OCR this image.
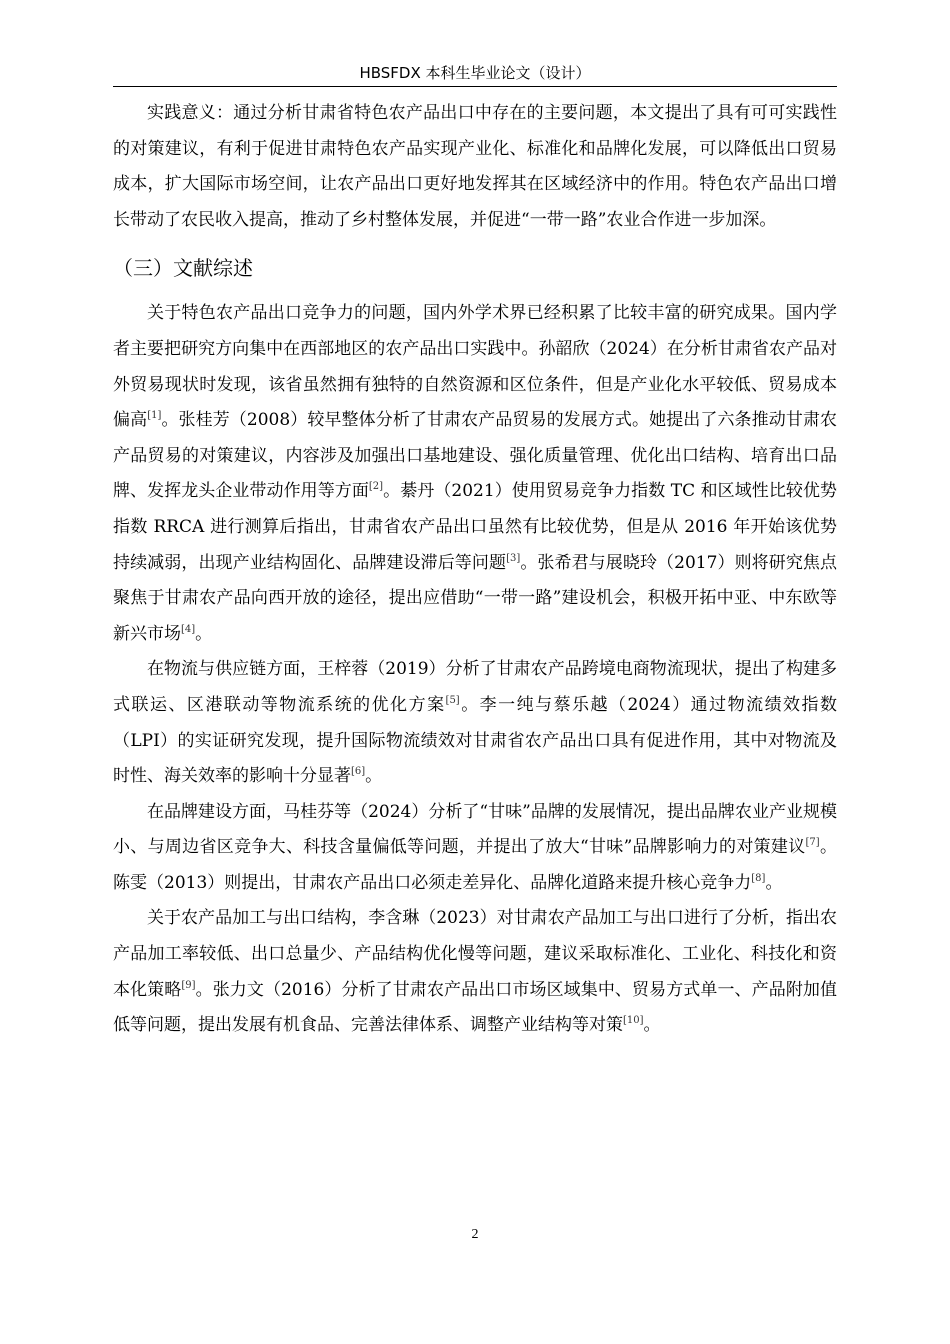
HBSFDX 本科生毕业论文（设计）

实践意义：通过分析甘肃省特色农产品出口中存在的主要问题，本文提出了具有可可实践性的对策建议，有利于促进甘肃特色农产品实现产业化、标准化和品牌化发展，可以降低出口贸易成本，扩大国际市场空间，让农产品出口更好地发挥其在区域经济中的作用。特色农产品出口增长带动了农民收入提高，推动了乡村整体发展，并促进“一带一路”农业合作进一步加深。

（三）文献综述

关于特色农产品出口竞争力的问题，国内外学术界已经积累了比较丰富的研究成果。国内学者主要把研究方向集中在西部地区的农产品出口实践中。孙韶欣（2024）在分析甘肃省农产品对外贸易现状时发现，该省虽然拥有独特的自然资源和区位条件，但是产业化水平较低、贸易成本偏高[1]。张桂芳（2008）较早整体分析了甘肃农产品贸易的发展方式。她提出了六条推动甘肃农产品贸易的对策建议，内容涉及加强出口基地建设、强化质量管理、优化出口结构、培育出口品牌、发挥龙头企业带动作用等方面[2]。綦丹（2021）使用贸易竞争力指数 TC 和区域性比较优势指数 RRCA 进行测算后指出，甘肃省农产品出口虽然有比较优势，但是从 2016 年开始该优势持续减弱，出现产业结构固化、品牌建设滞后等问题[3]。张希君与展晓玲（2017）则将研究焦点聚焦于甘肃农产品向西开放的途径，提出应借助“一带一路”建设机会，积极开拓中亚、中东欧等新兴市场[4]。

在物流与供应链方面，王梓蓉（2019）分析了甘肃农产品跨境电商物流现状，提出了构建多式联运、区港联动等物流系统的优化方案[5]。李一纯与蔡乐越（2024）通过物流绩效指数（LPI）的实证研究发现，提升国际物流绩效对甘肃省农产品出口具有促进作用，其中对物流及时性、海关效率的影响十分显著[6]。

在品牌建设方面，马桂芬等（2024）分析了“甘味”品牌的发展情况，提出品牌农业产业规模小、与周边省区竞争大、科技含量偏低等问题，并提出了放大“甘味”品牌影响力的对策建议[7]。陈雯（2013）则提出，甘肃农产品出口必须走差异化、品牌化道路来提升核心竞争力[8]。

关于农产品加工与出口结构，李含琳（2023）对甘肃农产品加工与出口进行了分析，指出农产品加工率较低、出口总量少、产品结构优化慢等问题，建议采取标准化、工业化、科技化和资本化策略[9]。张力文（2016）分析了甘肃农产品出口市场区域集中、贸易方式单一、产品附加值低等问题，提出发展有机食品、完善法律体系、调整产业结构等对策[10]。

2
